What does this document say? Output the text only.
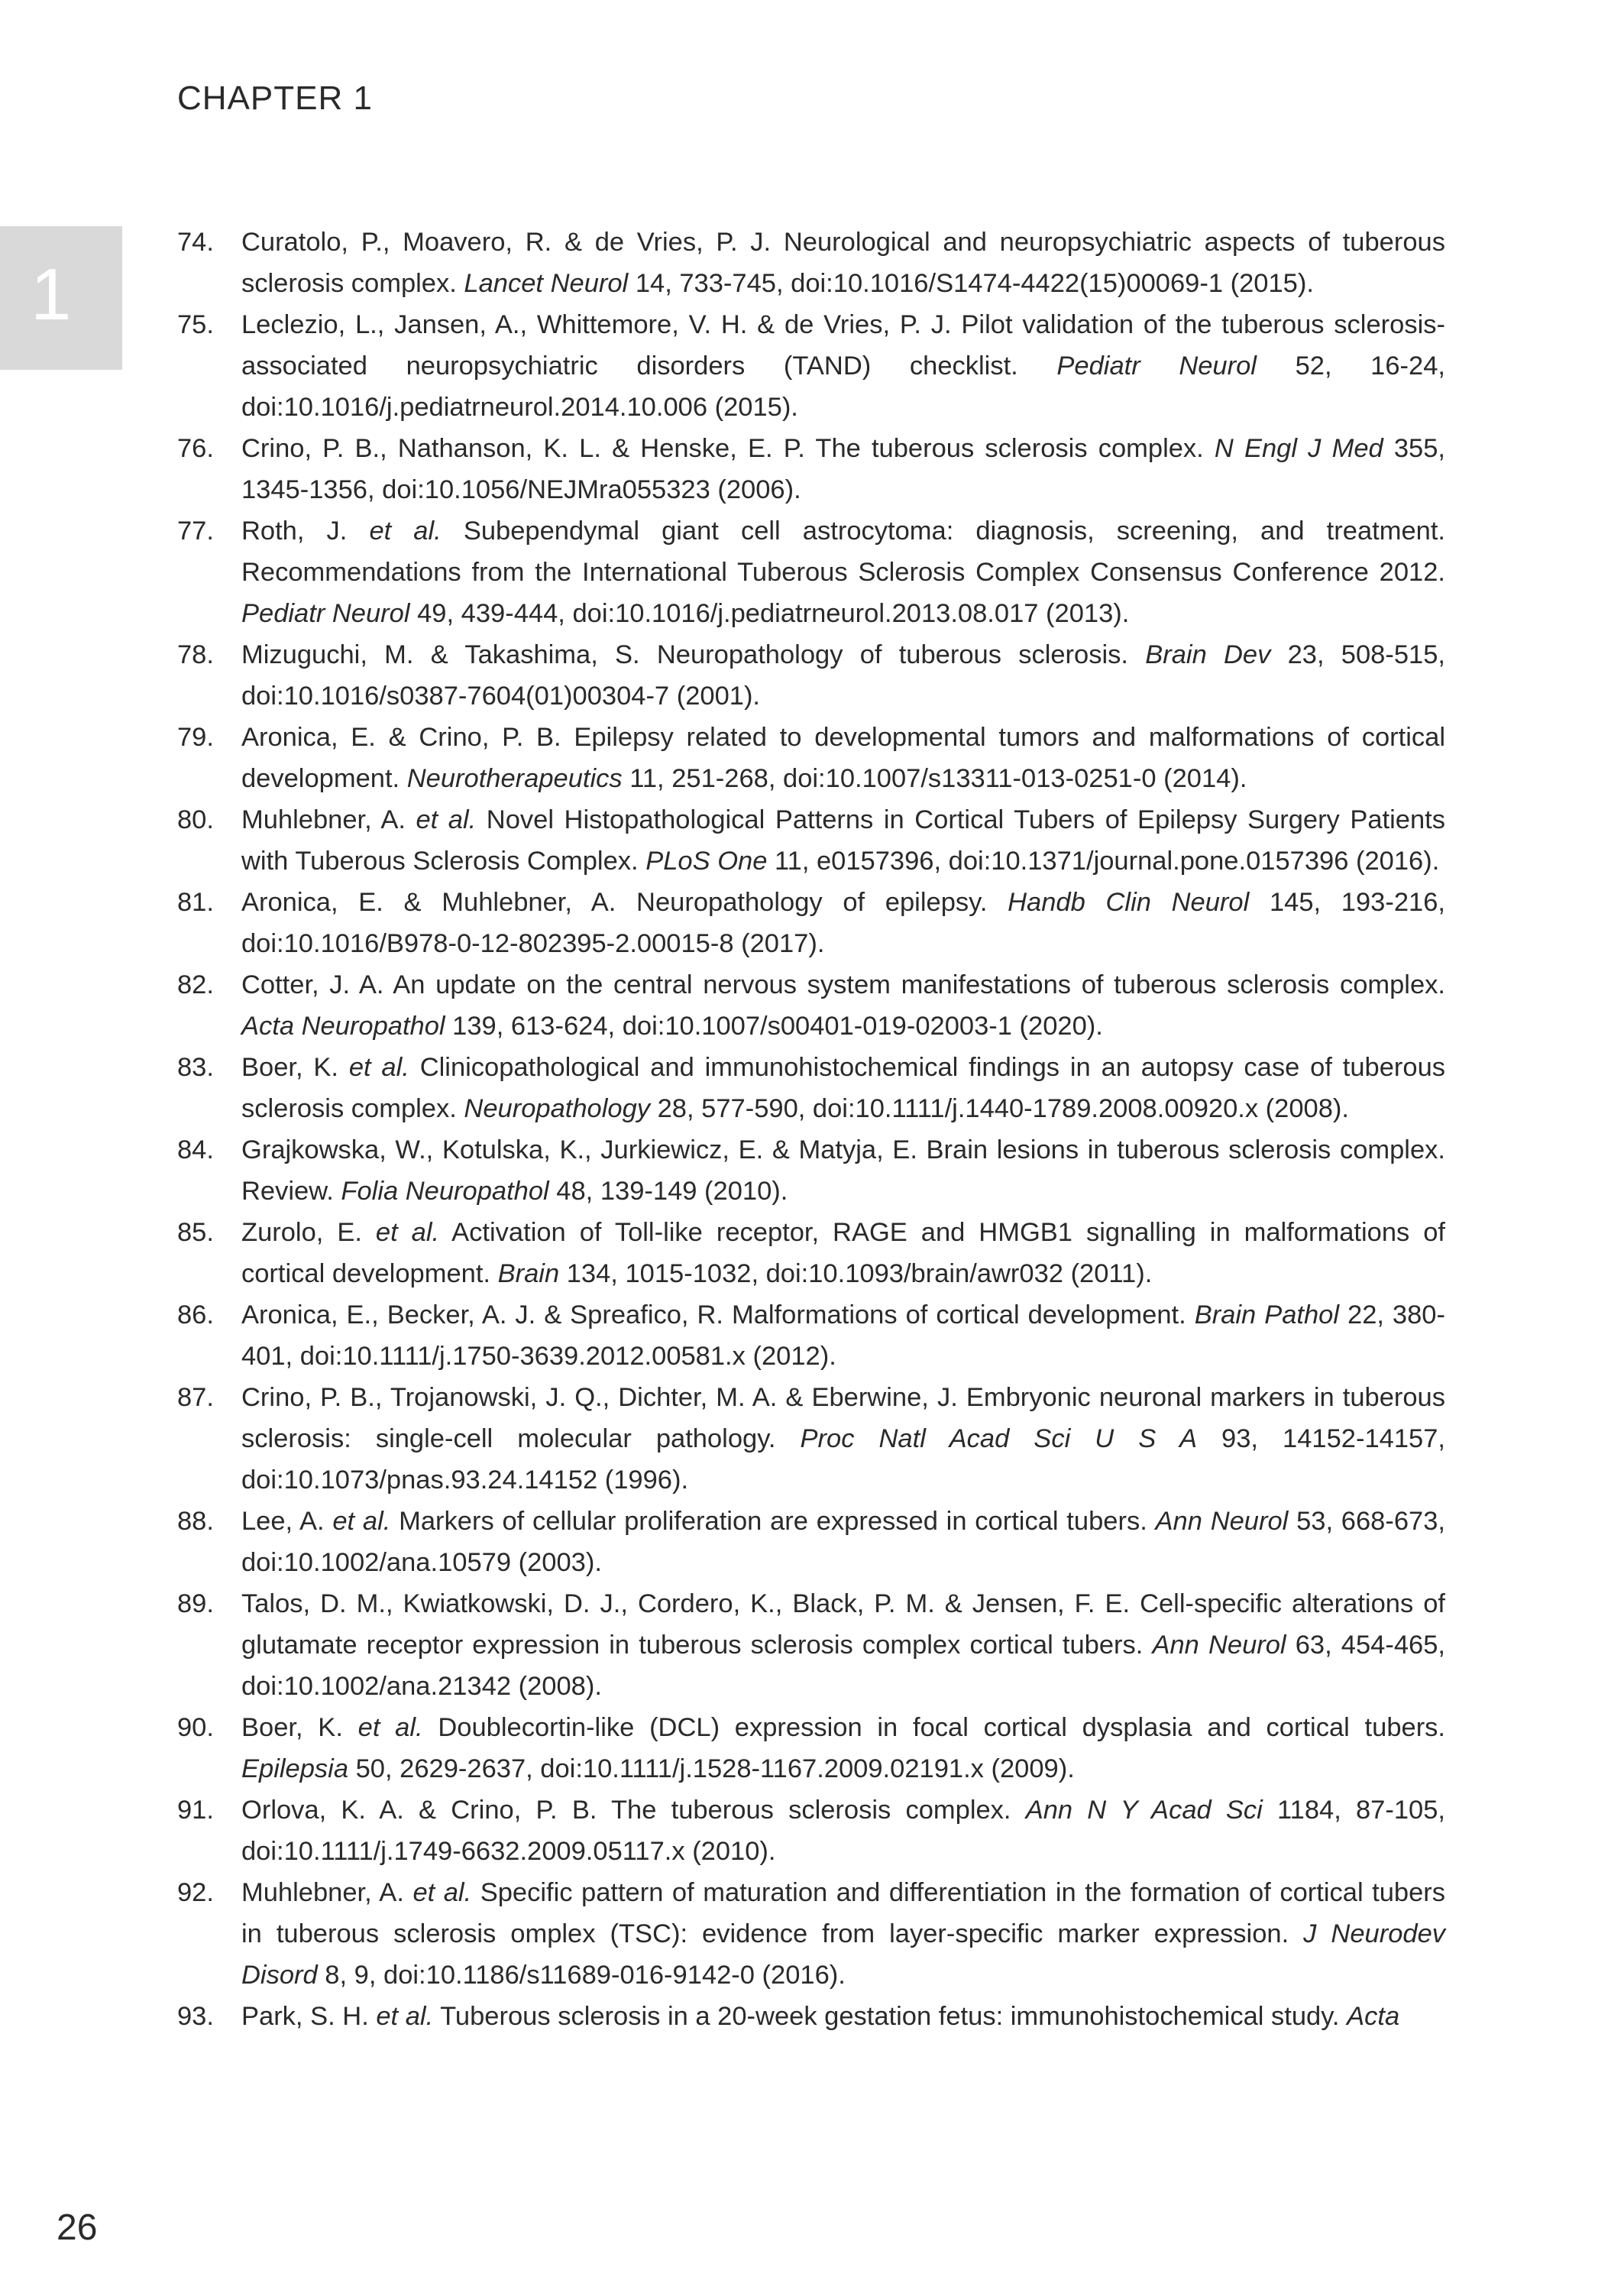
CHAPTER 1
1
74.	Curatolo, P., Moavero, R. & de Vries, P. J. Neurological and neuropsychiatric aspects of tuberous sclerosis complex. Lancet Neurol 14, 733-745, doi:10.1016/S1474-4422(15)00069-1 (2015).
75.	Leclezio, L., Jansen, A., Whittemore, V. H. & de Vries, P. J. Pilot validation of the tuberous sclerosis-associated neuropsychiatric disorders (TAND) checklist. Pediatr Neurol 52, 16-24, doi:10.1016/j.pediatrneurol.2014.10.006 (2015).
76.	Crino, P. B., Nathanson, K. L. & Henske, E. P. The tuberous sclerosis complex. N Engl J Med 355, 1345-1356, doi:10.1056/NEJMra055323 (2006).
77.	Roth, J. et al. Subependymal giant cell astrocytoma: diagnosis, screening, and treatment. Recommendations from the International Tuberous Sclerosis Complex Consensus Conference 2012. Pediatr Neurol 49, 439-444, doi:10.1016/j.pediatrneurol.2013.08.017 (2013).
78.	Mizuguchi, M. & Takashima, S. Neuropathology of tuberous sclerosis. Brain Dev 23, 508-515, doi:10.1016/s0387-7604(01)00304-7 (2001).
79.	Aronica, E. & Crino, P. B. Epilepsy related to developmental tumors and malformations of cortical development. Neurotherapeutics 11, 251-268, doi:10.1007/s13311-013-0251-0 (2014).
80.	Muhlebner, A. et al. Novel Histopathological Patterns in Cortical Tubers of Epilepsy Surgery Patients with Tuberous Sclerosis Complex. PLoS One 11, e0157396, doi:10.1371/journal.pone.0157396 (2016).
81.	Aronica, E. & Muhlebner, A. Neuropathology of epilepsy. Handb Clin Neurol 145, 193-216, doi:10.1016/B978-0-12-802395-2.00015-8 (2017).
82.	Cotter, J. A. An update on the central nervous system manifestations of tuberous sclerosis complex. Acta Neuropathol 139, 613-624, doi:10.1007/s00401-019-02003-1 (2020).
83.	Boer, K. et al. Clinicopathological and immunohistochemical findings in an autopsy case of tuberous sclerosis complex. Neuropathology 28, 577-590, doi:10.1111/j.1440-1789.2008.00920.x (2008).
84.	Grajkowska, W., Kotulska, K., Jurkiewicz, E. & Matyja, E. Brain lesions in tuberous sclerosis complex. Review. Folia Neuropathol 48, 139-149 (2010).
85.	Zurolo, E. et al. Activation of Toll-like receptor, RAGE and HMGB1 signalling in malformations of cortical development. Brain 134, 1015-1032, doi:10.1093/brain/awr032 (2011).
86.	Aronica, E., Becker, A. J. & Spreafico, R. Malformations of cortical development. Brain Pathol 22, 380-401, doi:10.1111/j.1750-3639.2012.00581.x (2012).
87.	Crino, P. B., Trojanowski, J. Q., Dichter, M. A. & Eberwine, J. Embryonic neuronal markers in tuberous sclerosis: single-cell molecular pathology. Proc Natl Acad Sci U S A 93, 14152-14157, doi:10.1073/pnas.93.24.14152 (1996).
88.	Lee, A. et al. Markers of cellular proliferation are expressed in cortical tubers. Ann Neurol 53, 668-673, doi:10.1002/ana.10579 (2003).
89.	Talos, D. M., Kwiatkowski, D. J., Cordero, K., Black, P. M. & Jensen, F. E. Cell-specific alterations of glutamate receptor expression in tuberous sclerosis complex cortical tubers. Ann Neurol 63, 454-465, doi:10.1002/ana.21342 (2008).
90.	Boer, K. et al. Doublecortin-like (DCL) expression in focal cortical dysplasia and cortical tubers. Epilepsia 50, 2629-2637, doi:10.1111/j.1528-1167.2009.02191.x (2009).
91.	Orlova, K. A. & Crino, P. B. The tuberous sclerosis complex. Ann N Y Acad Sci 1184, 87-105, doi:10.1111/j.1749-6632.2009.05117.x (2010).
92.	Muhlebner, A. et al. Specific pattern of maturation and differentiation in the formation of cortical tubers in tuberous sclerosis omplex (TSC): evidence from layer-specific marker expression. J Neurodev Disord 8, 9, doi:10.1186/s11689-016-9142-0 (2016).
93.	Park, S. H. et al. Tuberous sclerosis in a 20-week gestation fetus: immunohistochemical study. Acta
26
